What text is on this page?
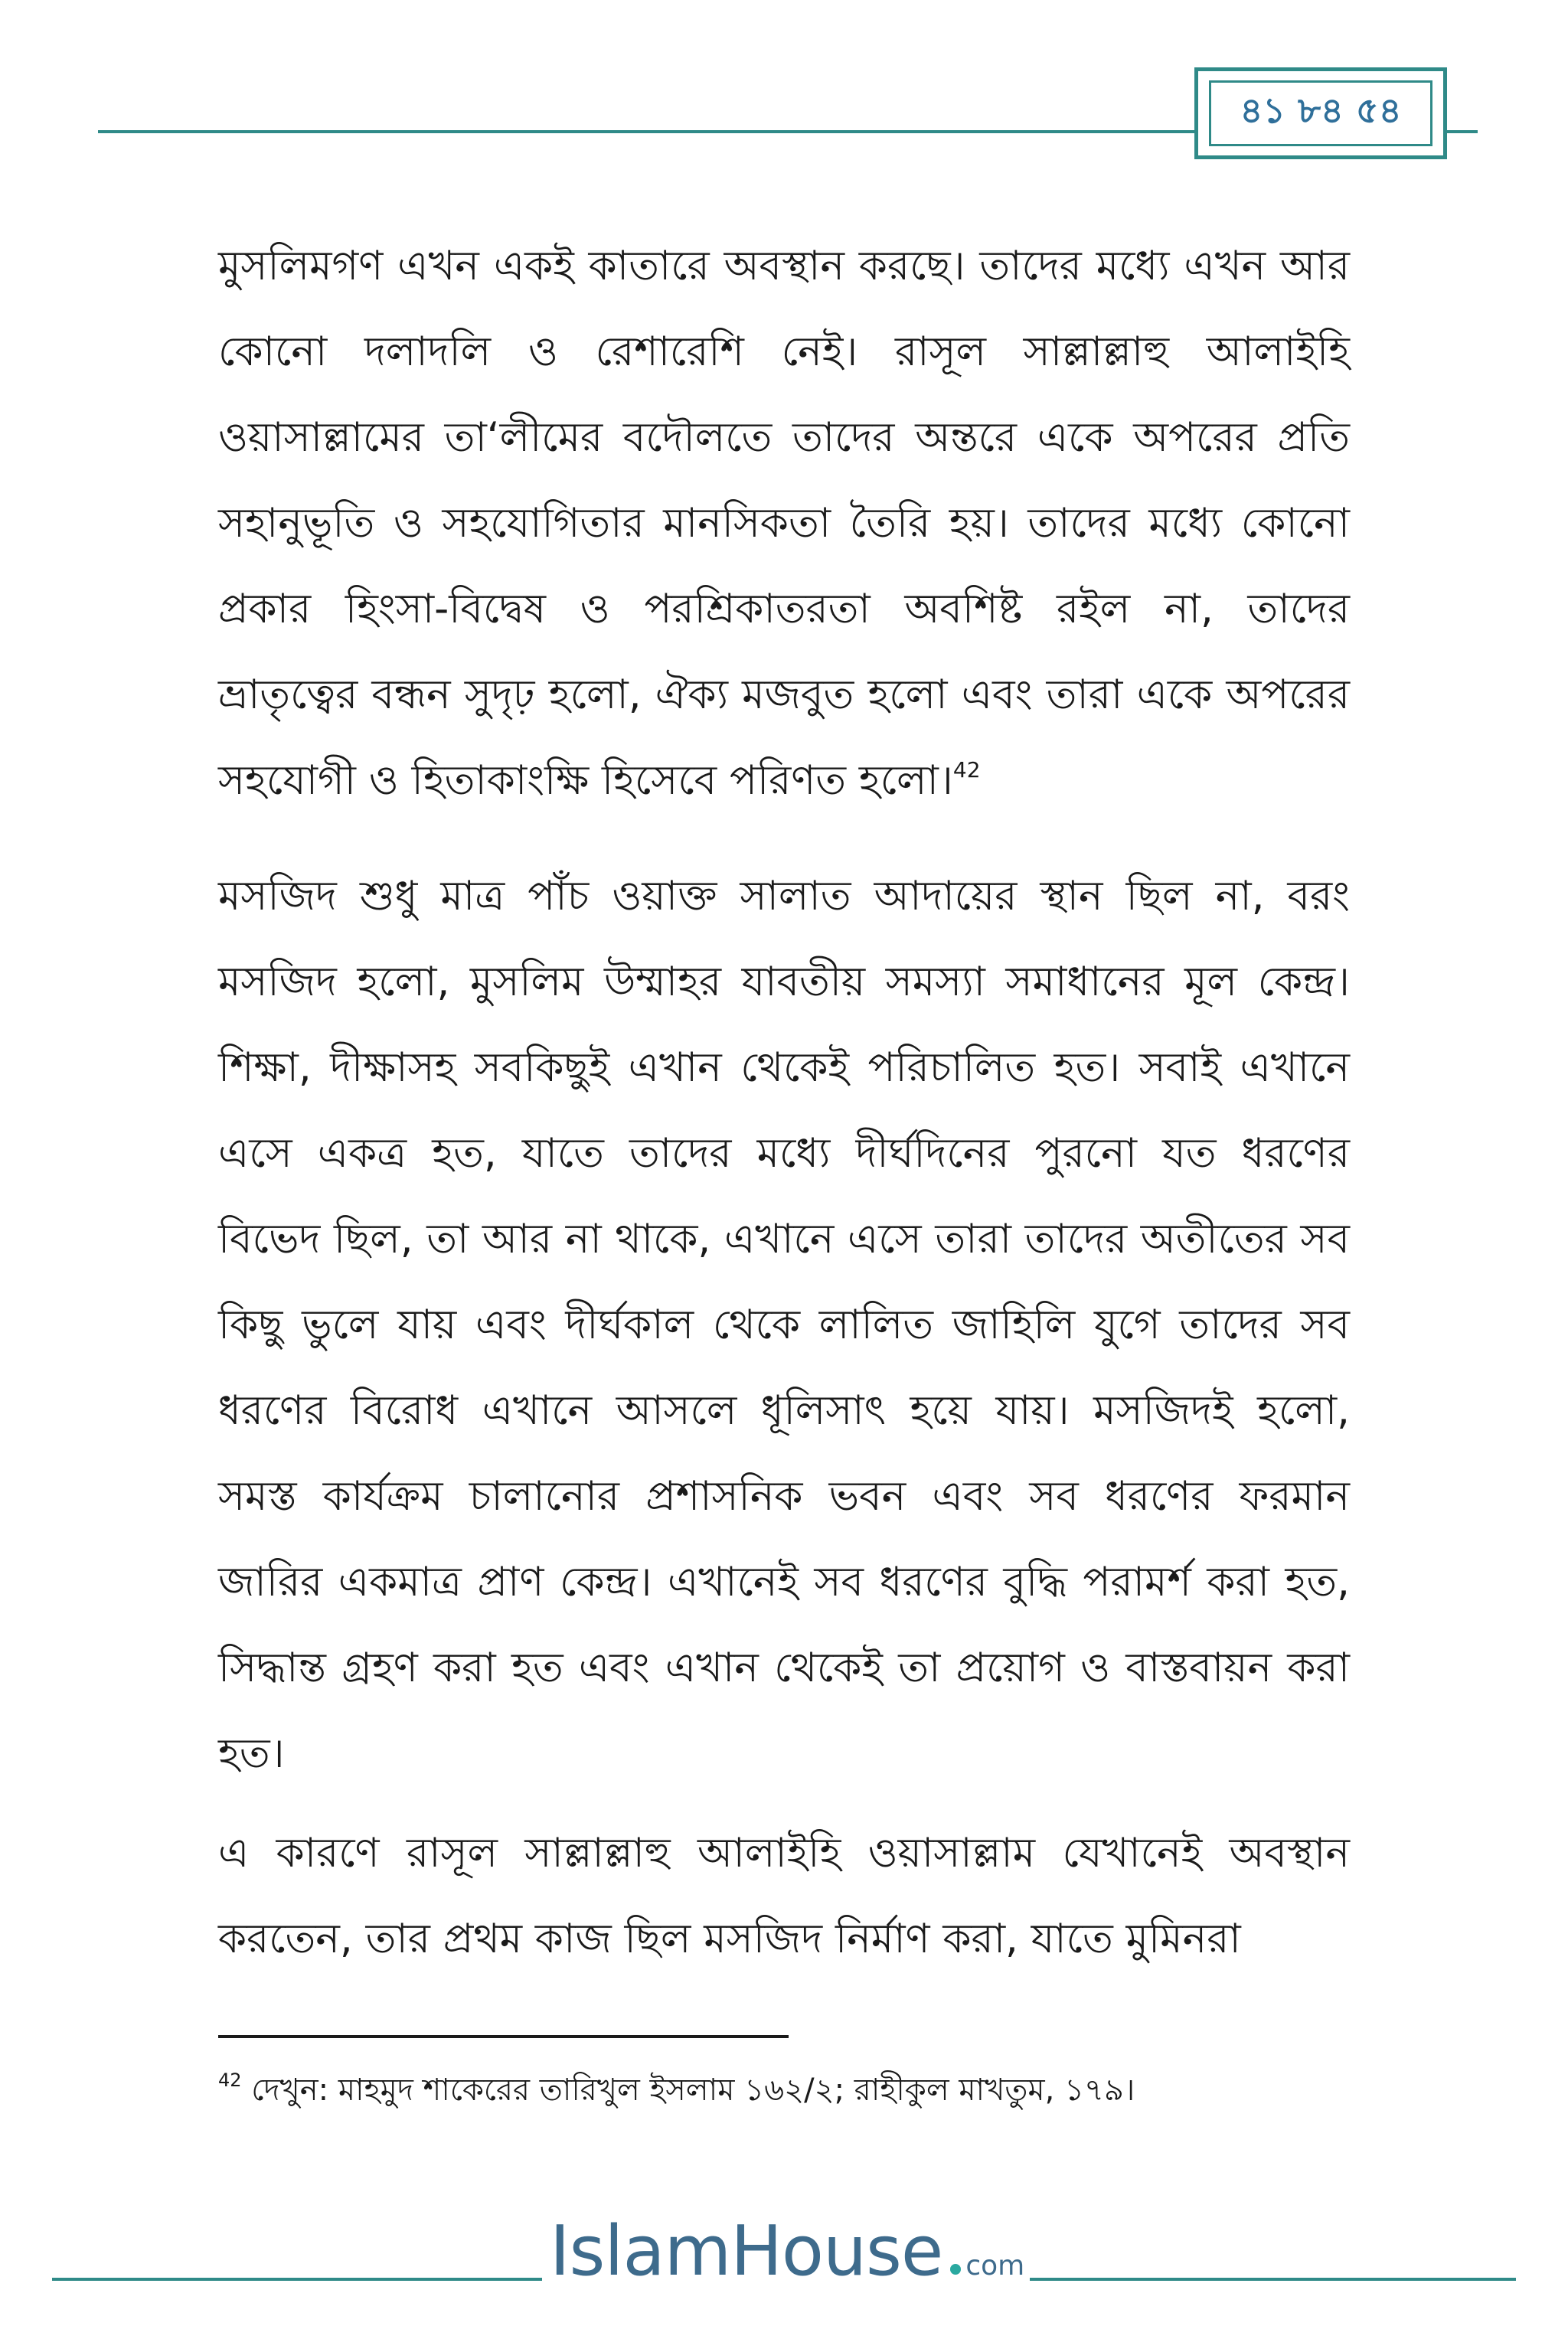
৪১ ৮৪ ৫৪

মুসলিমগণ এখন একই কাতারে অবস্থান করছে। তাদের মধ্যে এখন আর কোনো দলাদলি ও রেশারেশি নেই। রাসূল সাল্লাল্লাহু আলাইহি ওয়াসাল্লামের তা‘লীমের বদৌলতে তাদের অন্তরে একে অপরের প্রতি সহানুভূতি ও সহযোগিতার মানসিকতা তৈরি হয়। তাদের মধ্যে কোনো প্রকার হিংসা-বিদ্বেষ ও পরশ্রিকাতরতা অবশিষ্ট রইল না, তাদের ভ্রাতৃত্বের বন্ধন সুদৃঢ় হলো, ঐক্য মজবুত হলো এবং তারা একে অপরের সহযোগী ও হিতাকাংক্ষি হিসেবে পরিণত হলো।$^{42}$

মসজিদ শুধু মাত্র পাঁচ ওয়াক্ত সালাত আদায়ের স্থান ছিল না, বরং মসজিদ হলো, মুসলিম উম্মাহর যাবতীয় সমস্যা সমাধানের মূল কেন্দ্র। শিক্ষা, দীক্ষাসহ সবকিছুই এখান থেকেই পরিচালিত হত। সবাই এখানে এসে একত্র হত, যাতে তাদের মধ্যে দীর্ঘদিনের পুরনো যত ধরণের বিভেদ ছিল, তা আর না থাকে, এখানে এসে তারা তাদের অতীতের সব কিছু ভুলে যায় এবং দীর্ঘকাল থেকে লালিত জাহিলি যুগে তাদের সব ধরণের বিরোধ এখানে আসলে ধূলিসাৎ হয়ে যায়। মসজিদই হলো, সমস্ত কার্যক্রম চালানোর প্রশাসনিক ভবন এবং সব ধরণের ফরমান জারির একমাত্র প্রাণ কেন্দ্র। এখানেই সব ধরণের বুদ্ধি পরামর্শ করা হত, সিদ্ধান্ত গ্রহণ করা হত এবং এখান থেকেই তা প্রয়োগ ও বাস্তবায়ন করা হত।

এ কারণে রাসূল সাল্লাল্লাহু আলাইহি ওয়াসাল্লাম যেখানেই অবস্থান করতেন, তার প্রথম কাজ ছিল মসজিদ নির্মাণ করা, যাতে মুমিনরা

$^{42}$ দেখুন: মাহমুদ শাকেরের তারিখুল ইসলাম ১৬২/২; রাহীকুল মাখতুম, ১৭৯।
IslamHouse com
